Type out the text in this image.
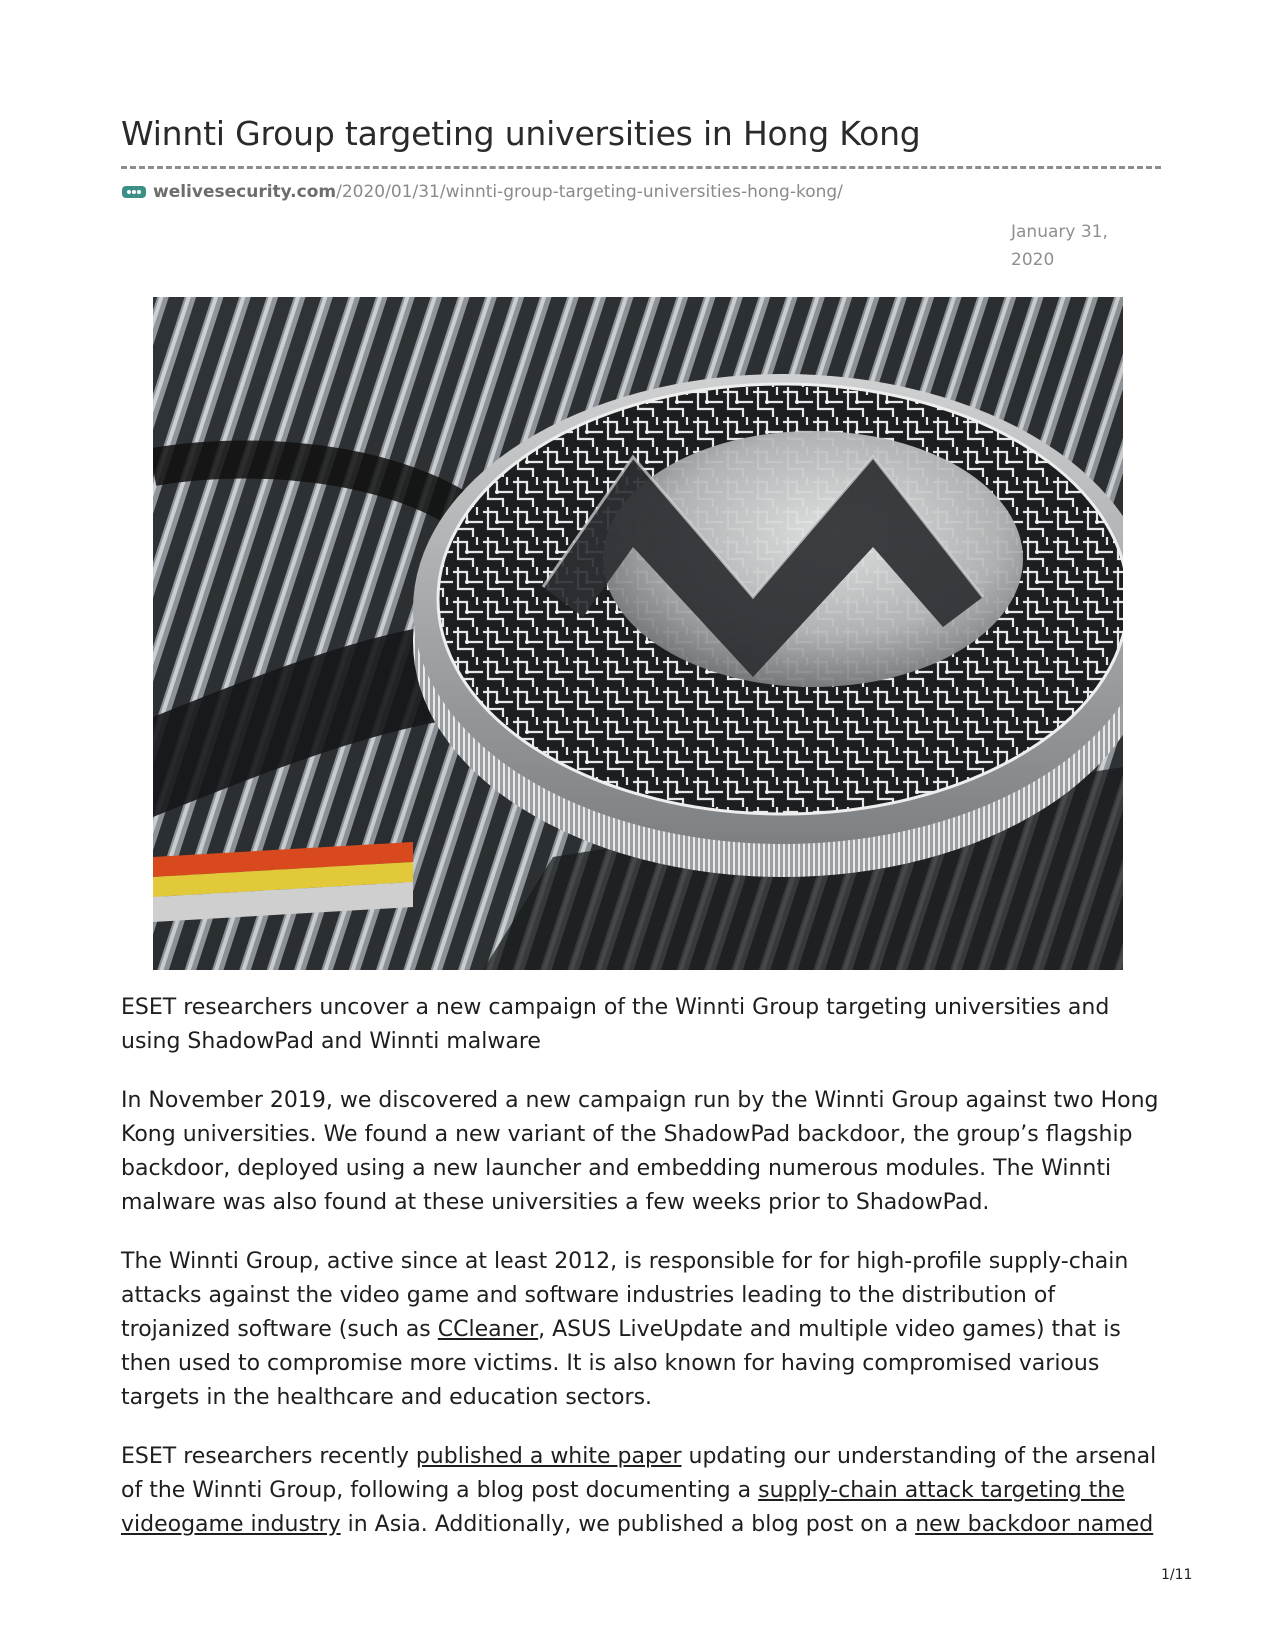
Winnti Group targeting universities in Hong Kong
welivesecurity.com /2020/01/31/winnti-group-targeting-universities-hong-kong/
January 31,
2020

ESET researchers uncover a new campaign of the Winnti Group targeting universities and using ShadowPad and Winnti malware

In November 2019, we discovered a new campaign run by the Winnti Group against two Hong Kong universities. We found a new variant of the ShadowPad backdoor, the group’s flagship backdoor, deployed using a new launcher and embedding numerous modules. The Winnti malware was also found at these universities a few weeks prior to ShadowPad.

The Winnti Group, active since at least 2012, is responsible for for high-profile supply-chain attacks against the video game and software industries leading to the distribution of trojanized software (such as CCleaner, ASUS LiveUpdate and multiple video games) that is then used to compromise more victims. It is also known for having compromised various targets in the healthcare and education sectors.

ESET researchers recently published a white paper updating our understanding of the arsenal of the Winnti Group, following a blog post documenting a supply-chain attack targeting the videogame industry in Asia. Additionally, we published a blog post on a new backdoor named

1/11
